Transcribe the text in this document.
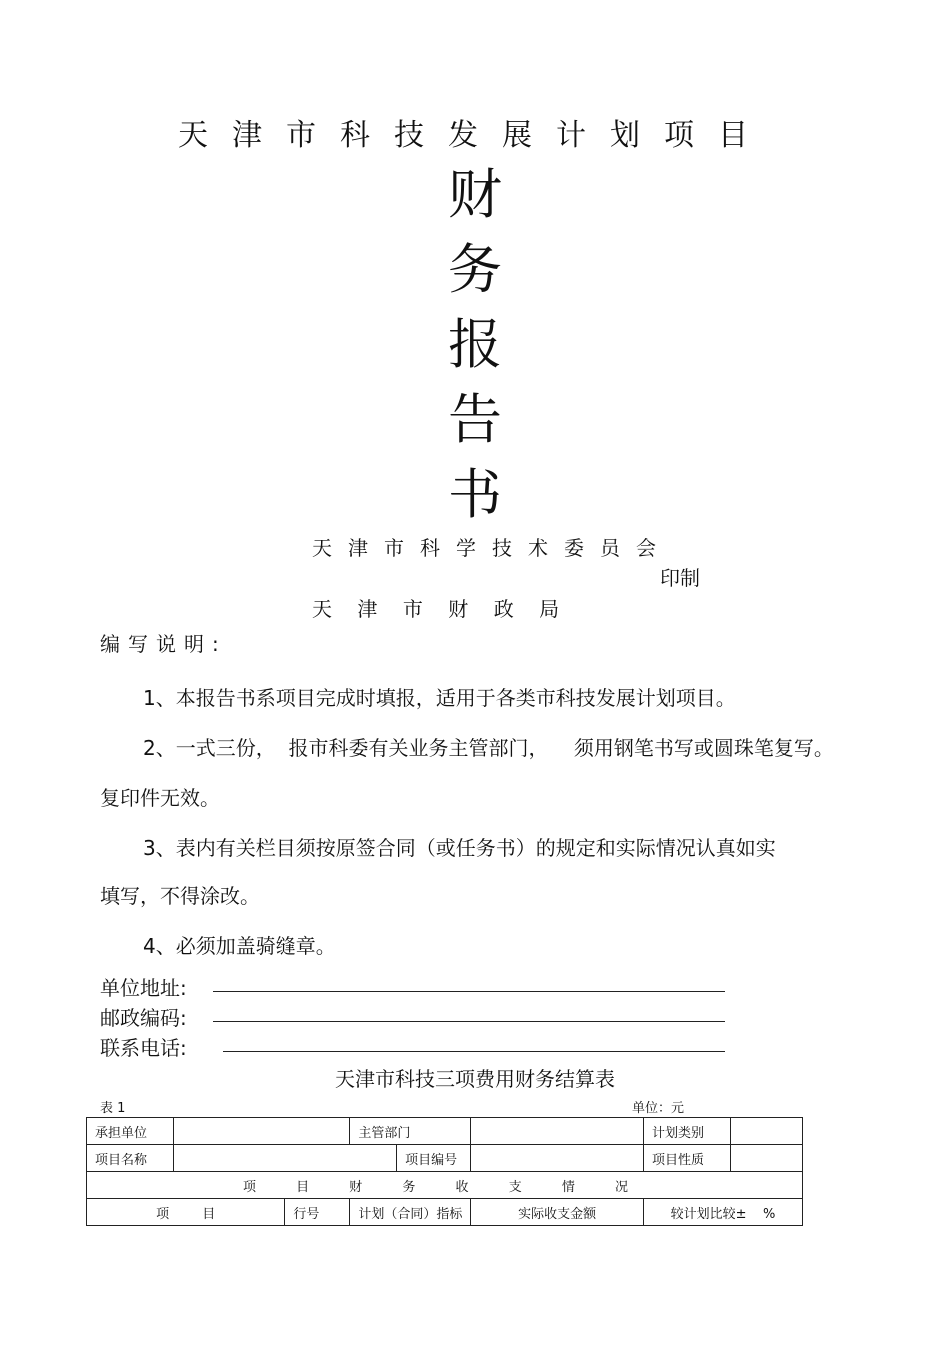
天津市科技发展计划项目
财
务
报
告
书
天津市科学技术委员会
印制
天    津    市    财    政    局
编写说明:
1、本报告书系项目完成时填报，适用于各类市科技发展计划项目。
2、一式三份，  报市科委有关业务主管部门，    须用钢笔书写或圆珠笔复写。
复印件无效。
3、表内有关栏目须按原签合同（或任务书）的规定和实际情况认真如实
填写，不得涂改。
4、必须加盖骑缝章。
单位地址:
邮政编码:
联系电话:
天津市科技三项费用财务结算表
表 1	单位：元
承担单位			主管部门			计划类别	
项目名称				项目编号		项目性质	
项 目 财 务 收 支 情 况							
项        目		行号	计划（合同）指标		实际收支金额	较计划比较±    %	
